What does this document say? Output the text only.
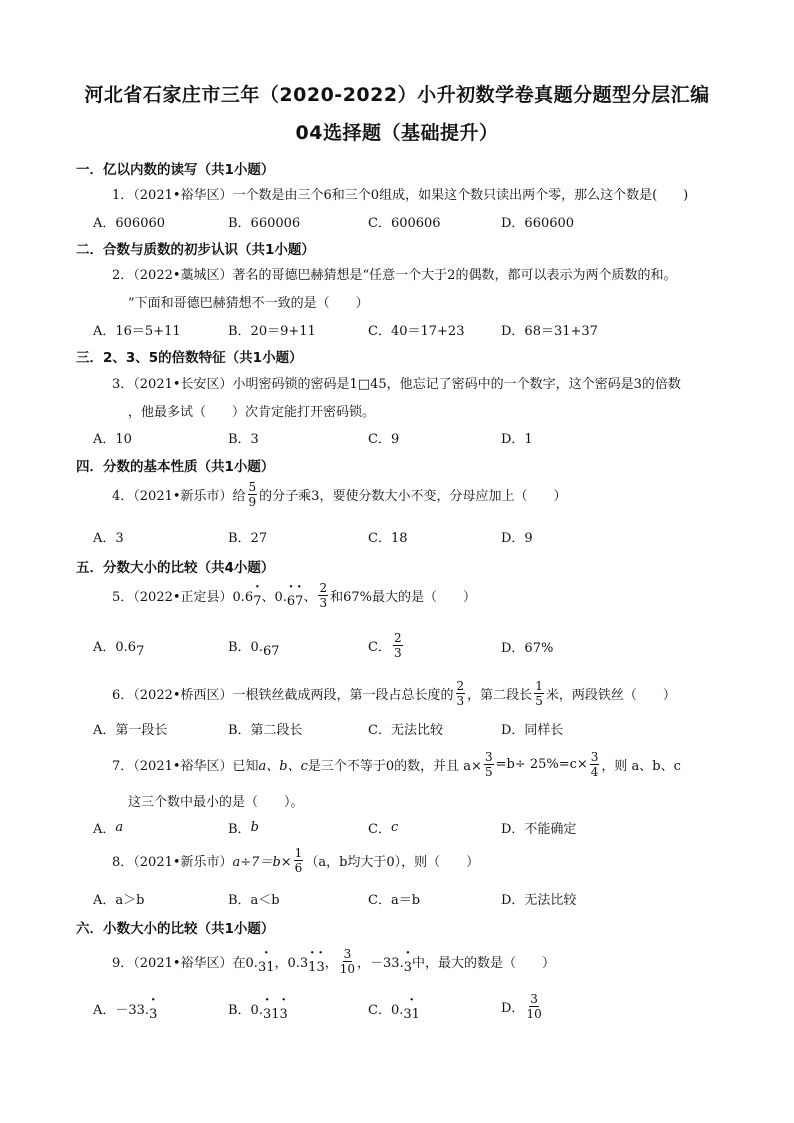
河北省石家庄市三年（2020-2022）小升初数学卷真题分题型分层汇编
04选择题（基础提升）
一．亿以内数的读写（共1小题）
1．（2021•裕华区）一个数是由三个6和三个0组成，如果这个数只读出两个零，那么这个数是(　　)
A．606060	B．660006	C．600606	D．660600
二．合数与质数的初步认识（共1小题）
2．（2022•藁城区）著名的哥德巴赫猜想是“任意一个大于2的偶数，都可以表示为两个质数的和。
”下面和哥德巴赫猜想不一致的是（　　）
A．16＝5+11	B．20＝9+11	C．40＝17+23	D．68＝31+37
三．2、3、5的倍数特征（共1小题）
3．（2021•长安区）小明密码锁的密码是1□45，他忘记了密码中的一个数字，这个密码是3的倍数
，他最多试（　　）次肯定能打开密码锁。
A．10	B．3	C．9	D．1
四．分数的基本性质（共1小题）
4．（2021•新乐市）给 $\frac{5}{9}$ 的分子乘3，要使分数大小不变，分母应加上（　　）
A．3	B．27	C．18	D．9
五．分数大小的比较（共4小题）
5．（2022•正定县）0.6 · 7 、0. · 6 · 7 、 $\frac{2}{3}$ 和67%最大的是（　　）
A．0.6 7	B．0. 67	C． $\frac{2}{3}$	D．67%
6．（2022•桥西区）一根铁丝截成两段，第一段占总长度的 $\frac{2}{3}$ ，第二段长 $\frac{1}{5}$ 米，两段铁丝（　　）
A．第一段长	B．第二段长	C．无法比较	D．同样长
7．（2021•裕华区）已知 a、b、c 是三个不等于0的数，并且 $a\times \frac{3}{5} =b\div 25\%=c\times \frac{3}{4}$ ，则 a、b、c
这三个数中最小的是（　　）。
A． a	B． b	C． c	D．不能确定
8．（2021•新乐市） $a\div 7=b\times \frac{1}{6} (a$，b均大于0），则（　　）
A．a＞b	B．a＜b	C．a＝b	D．无法比较
六．小数大小的比较（共1小题）
9．（2021•裕华区）在0. · 31 ，0.3 · 1 · 3 ， $\frac{3}{10}$ ，－33. · 3 中，最大的数是（　　）
A．－33. · 3	B．0. · 3 1 · 3	C．0. · 31	D． $\frac{3}{10}$
